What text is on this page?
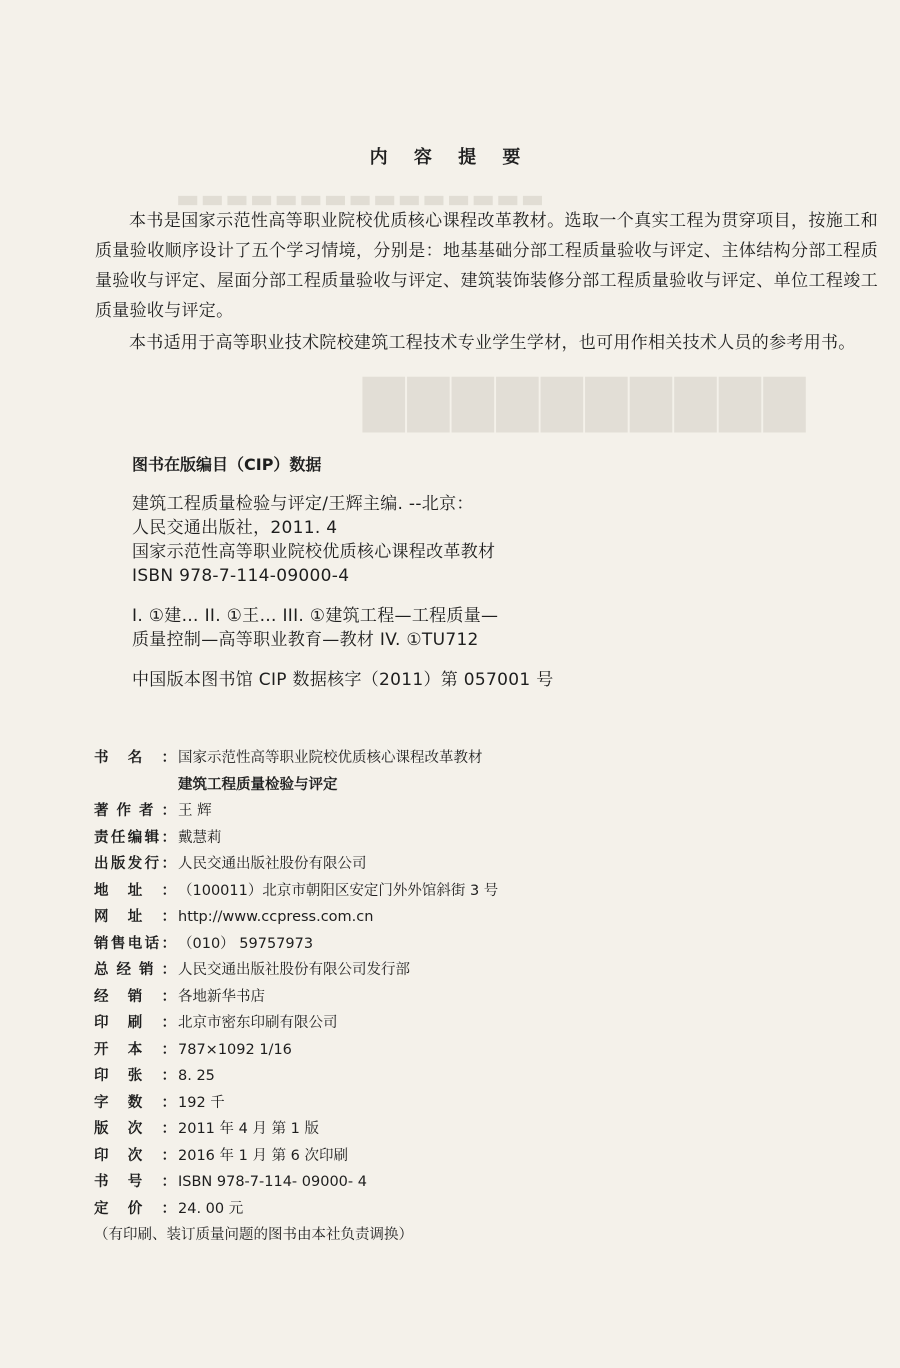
▬▬▬▬▬▬▬▬▬▬▬▬▬▬▬
▇▇▇▇▇▇▇▇▇▇
内 容 提 要

本书是国家示范性高等职业院校优质核心课程改革教材。选取一个真实工程为贯穿项目，按施工和质量验收顺序设计了五个学习情境，分别是：地基基础分部工程质量验收与评定、主体结构分部工程质量验收与评定、屋面分部工程质量验收与评定、建筑装饰装修分部工程质量验收与评定、单位工程竣工质量验收与评定。

本书适用于高等职业技术院校建筑工程技术专业学生学材，也可用作相关技术人员的参考用书。

图书在版编目（CIP）数据
建筑工程质量检验与评定/王辉主编. --北京：
人民交通出版社，2011. 4
国家示范性高等职业院校优质核心课程改革教材
ISBN 978-7-114-09000-4
I. ①建… II. ①王… III. ①建筑工程—工程质量—
质量控制—高等职业教育—教材 IV. ①TU712
中国版本图书馆 CIP 数据核字（2011）第 057001 号
书名： 国家示范性高等职业院校优质核心课程改革教材
建筑工程质量检验与评定
著作者： 王 辉
责任编辑： 戴慧莉
出版发行： 人民交通出版社股份有限公司
地址： （100011）北京市朝阳区安定门外外馆斜街 3 号
网址： http://www.ccpress.com.cn
销售电话： （010） 59757973
总经销： 人民交通出版社股份有限公司发行部
经销： 各地新华书店
印刷： 北京市密东印刷有限公司
开本： 787×1092 1/16
印张： 8. 25
字数： 192 千
版次： 2011 年 4 月 第 1 版
印次： 2016 年 1 月 第 6 次印刷
书号： ISBN 978-7-114- 09000- 4
定价： 24. 00 元
（有印刷、装订质量问题的图书由本社负责调换）
